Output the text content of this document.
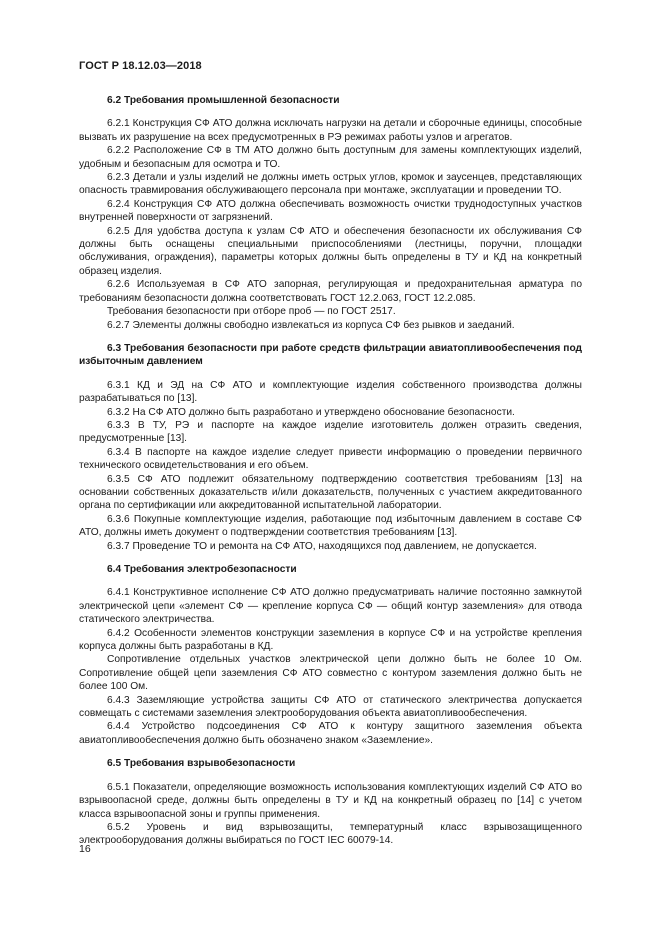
ГОСТ Р 18.12.03—2018
6.2 Требования промышленной безопасности

6.2.1 Конструкция СФ АТО должна исключать нагрузки на детали и сборочные единицы, способные вызвать их разрушение на всех предусмотренных в РЭ режимах работы узлов и агрегатов.

6.2.2 Расположение СФ в ТМ АТО должно быть доступным для замены комплектующих изделий, удобным и безопасным для осмотра и ТО.

6.2.3 Детали и узлы изделий не должны иметь острых углов, кромок и заусенцев, представляющих опасность травмирования обслуживающего персонала при монтаже, эксплуатации и проведении ТО.

6.2.4 Конструкция СФ АТО должна обеспечивать возможность очистки труднодоступных участков внутренней поверхности от загрязнений.

6.2.5 Для удобства доступа к узлам СФ АТО и обеспечения безопасности их обслуживания СФ должны быть оснащены специальными приспособлениями (лестницы, поручни, площадки обслуживания, ограждения), параметры которых должны быть определены в ТУ и КД на конкретный образец изделия.

6.2.6 Используемая в СФ АТО запорная, регулирующая и предохранительная арматура по требованиям безопасности должна соответствовать ГОСТ 12.2.063, ГОСТ 12.2.085.

Требования безопасности при отборе проб — по ГОСТ 2517.

6.2.7 Элементы должны свободно извлекаться из корпуса СФ без рывков и заеданий.

6.3 Требования безопасности при работе средств фильтрации авиатопливообеспечения под избыточным давлением

6.3.1 КД и ЭД на СФ АТО и комплектующие изделия собственного производства должны разрабатываться по [13].

6.3.2 На СФ АТО должно быть разработано и утверждено обоснование безопасности.

6.3.3 В ТУ, РЭ и паспорте на каждое изделие изготовитель должен отразить сведения, предусмотренные [13].

6.3.4 В паспорте на каждое изделие следует привести информацию о проведении первичного технического освидетельствования и его объем.

6.3.5 СФ АТО подлежит обязательному подтверждению соответствия требованиям [13] на основании собственных доказательств и/или доказательств, полученных с участием аккредитованного органа по сертификации или аккредитованной испытательной лаборатории.

6.3.6 Покупные комплектующие изделия, работающие под избыточным давлением в составе СФ АТО, должны иметь документ о подтверждении соответствия требованиям [13].

6.3.7 Проведение ТО и ремонта на СФ АТО, находящихся под давлением, не допускается.

6.4 Требования электробезопасности

6.4.1 Конструктивное исполнение СФ АТО должно предусматривать наличие постоянно замкнутой электрической цепи «элемент СФ — крепление корпуса СФ — общий контур заземления» для отвода статического электричества.

6.4.2 Особенности элементов конструкции заземления в корпусе СФ и на устройстве крепления корпуса должны быть разработаны в КД.

Сопротивление отдельных участков электрической цепи должно быть не более 10 Ом. Сопротивление общей цепи заземления СФ АТО совместно с контуром заземления должно быть не более 100 Ом.

6.4.3 Заземляющие устройства защиты СФ АТО от статического электричества допускается совмещать с системами заземления электрооборудования объекта авиатопливообеспечения.

6.4.4 Устройство подсоединения СФ АТО к контуру защитного заземления объекта авиатопливообеспечения должно быть обозначено знаком «Заземление».

6.5 Требования взрывобезопасности

6.5.1 Показатели, определяющие возможность использования комплектующих изделий СФ АТО во взрывоопасной среде, должны быть определены в ТУ и КД на конкретный образец по [14] с учетом класса взрывоопасной зоны и группы применения.

6.5.2 Уровень и вид взрывозащиты, температурный класс взрывозащищенного электрооборудования должны выбираться по ГОСТ IEC 60079-14.

16
